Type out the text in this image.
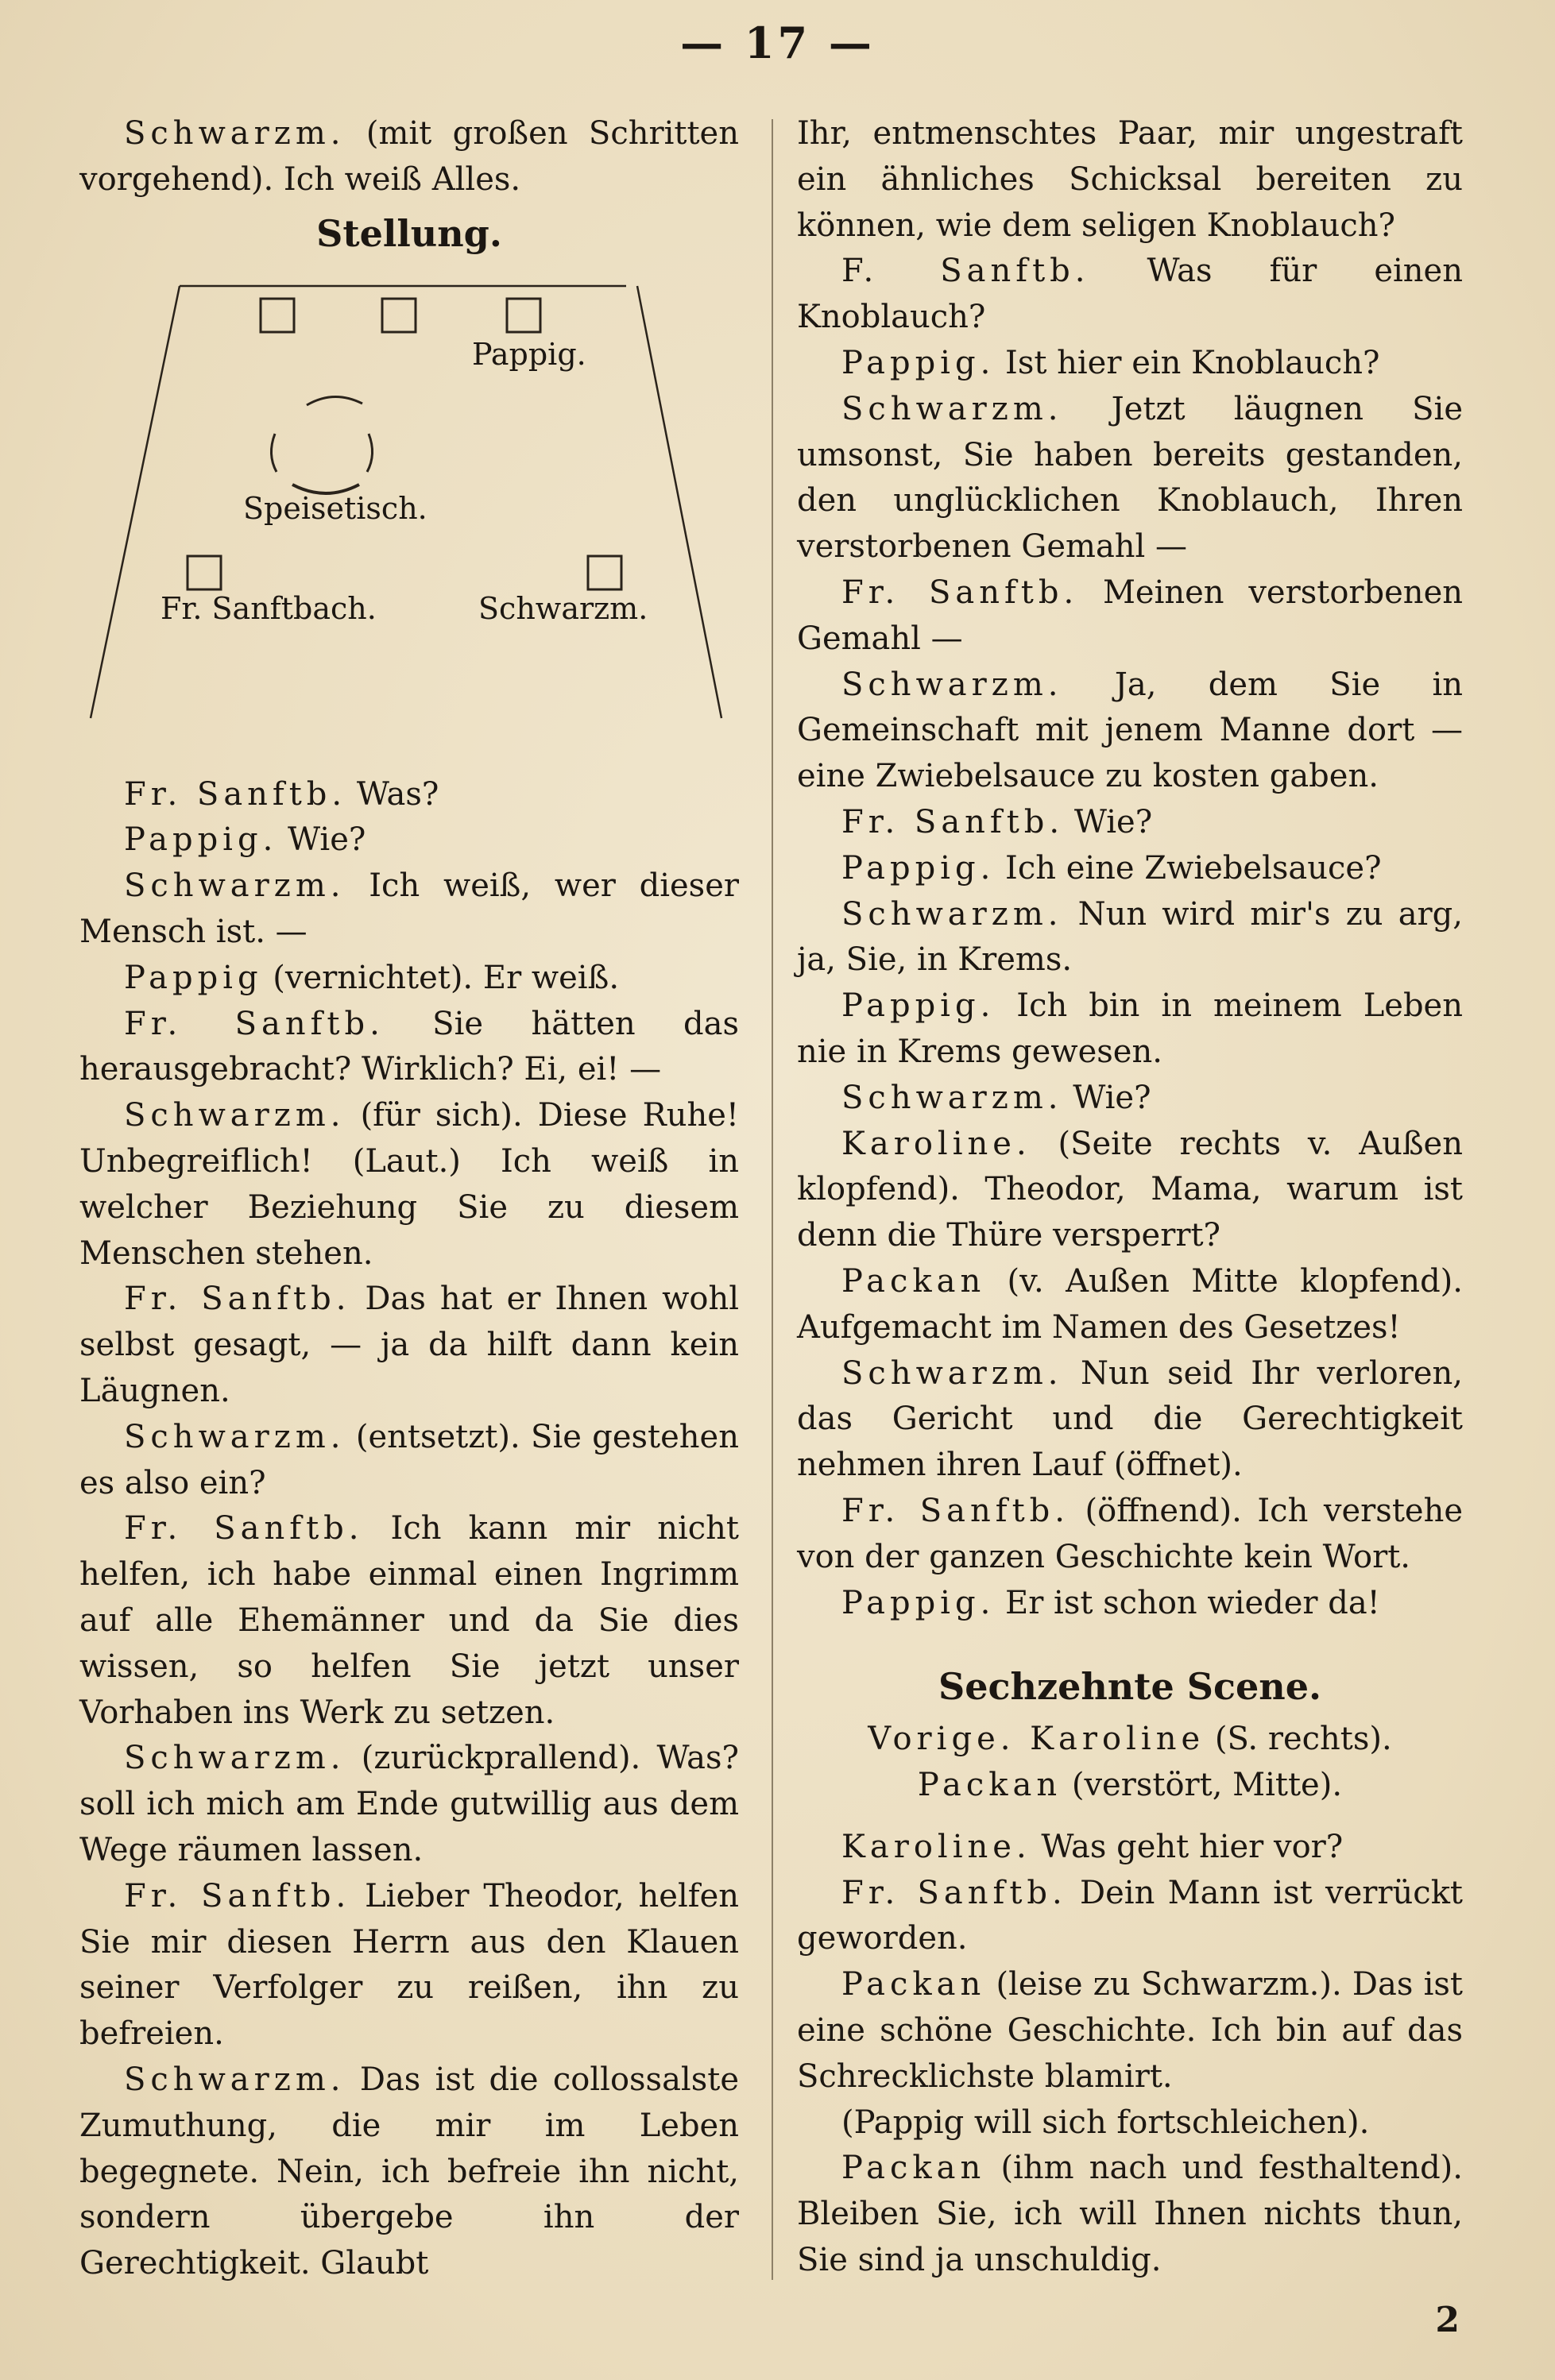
— 17 —

Schwarzm. (mit großen Schritten vorgehend). Ich weiß Alles.

Stellung.
Pappig.
Speisetisch.
Fr. Sanftbach.	Schwarzm.

Fr. Sanftb. Was?

Pappig. Wie?

Schwarzm. Ich weiß, wer dieser Mensch ist. —

Pappig (vernichtet). Er weiß.

Fr. Sanftb. Sie hätten das herausgebracht? Wirklich? Ei, ei! —

Schwarzm. (für sich). Diese Ruhe! Unbegreiflich! (Laut.) Ich weiß in welcher Beziehung Sie zu diesem Menschen stehen.

Fr. Sanftb. Das hat er Ihnen wohl selbst gesagt, — ja da hilft dann kein Läugnen.

Schwarzm. (entsetzt). Sie gestehen es also ein?

Fr. Sanftb. Ich kann mir nicht helfen, ich habe einmal einen Ingrimm auf alle Ehemänner und da Sie dies wissen, so helfen Sie jetzt unser Vorhaben ins Werk zu setzen.

Schwarzm. (zurückprallend). Was? soll ich mich am Ende gutwillig aus dem Wege räumen lassen.

Fr. Sanftb. Lieber Theodor, helfen Sie mir diesen Herrn aus den Klauen seiner Verfolger zu reißen, ihn zu befreien.

Schwarzm. Das ist die collossalste Zumuthung, die mir im Leben begegnete. Nein, ich befreie ihn nicht, sondern übergebe ihn der Gerechtigkeit. Glaubt

Ihr, entmenschtes Paar, mir ungestraft ein ähnliches Schicksal bereiten zu können, wie dem seligen Knoblauch?

F. Sanftb. Was für einen Knoblauch?

Pappig. Ist hier ein Knoblauch?

Schwarzm. Jetzt läugnen Sie umsonst, Sie haben bereits gestanden, den unglücklichen Knoblauch, Ihren verstorbenen Gemahl —

Fr. Sanftb. Meinen verstorbenen Gemahl —

Schwarzm. Ja, dem Sie in Gemeinschaft mit jenem Manne dort — eine Zwiebelsauce zu kosten gaben.

Fr. Sanftb. Wie?

Pappig. Ich eine Zwiebelsauce?

Schwarzm. Nun wird mir's zu arg, ja, Sie, in Krems.

Pappig. Ich bin in meinem Leben nie in Krems gewesen.

Schwarzm. Wie?

Karoline. (Seite rechts v. Außen klopfend). Theodor, Mama, warum ist denn die Thüre versperrt?

Packan (v. Außen Mitte klopfend). Aufgemacht im Namen des Gesetzes!

Schwarzm. Nun seid Ihr verloren, das Gericht und die Gerechtigkeit nehmen ihren Lauf (öffnet).

Fr. Sanftb. (öffnend). Ich verstehe von der ganzen Geschichte kein Wort.

Pappig. Er ist schon wieder da!

Sechzehnte Scene.

Vorige. Karoline (S. rechts).

Packan (verstört, Mitte).

Karoline. Was geht hier vor?

Fr. Sanftb. Dein Mann ist verrückt geworden.

Packan (leise zu Schwarzm.). Das ist eine schöne Geschichte. Ich bin auf das Schrecklichste blamirt.

(Pappig will sich fortschleichen).

Packan (ihm nach und festhaltend). Bleiben Sie, ich will Ihnen nichts thun, Sie sind ja unschuldig.

2
